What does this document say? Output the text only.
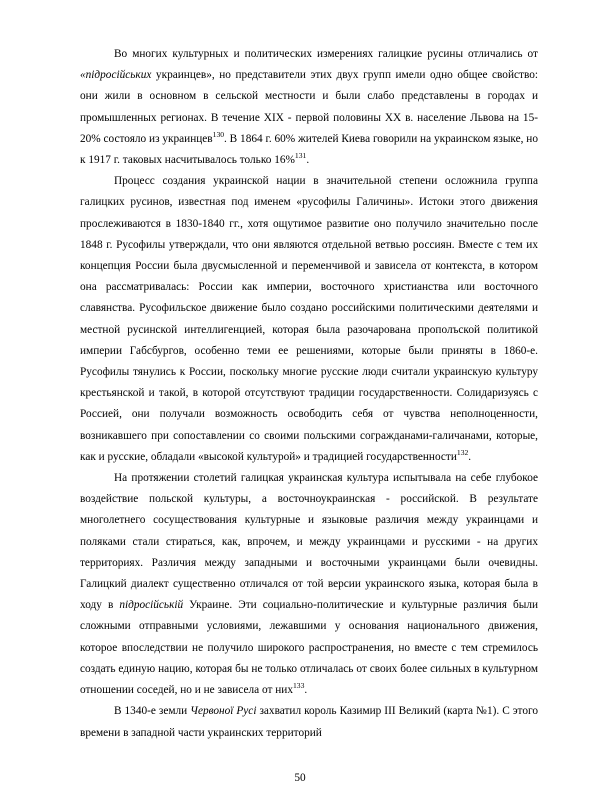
Во многих культурных и политических измерениях галицкие русины отличались от «підросійських украинцев», но представители этих двух групп имели одно общее свойство: они жили в основном в сельской местности и были слабо представлены в городах и промышленных регионах. В течение XIX - первой половины XX в. население Львова на 15-20% состояло из украинцев$^{130}$. В 1864 г. 60% жителей Киева говорили на украинском языке, но к 1917 г. таковых насчитывалось только 16%$^{131}$.

Процесс создания украинской нации в значительной степени осложнила группа галицких русинов, известная под именем «русофилы Галичины». Истоки этого движения прослеживаются в 1830-1840 гг., хотя ощутимое развитие оно получило значительно после 1848 г. Русофилы утверждали, что они являются отдельной ветвью россиян. Вместе с тем их концепция России была двусмысленной и переменчивой и зависела от контекста, в котором она рассматривалась: России как империи, восточного христианства или восточного славянства. Русофильское движение было создано российскими политическими деятелями и местной русинской интеллигенцией, которая была разочарована прополъской политикой империи Габсбургов, особенно теми ее решениями, которые были приняты в 1860-е. Русофилы тянулись к России, поскольку многие русские люди считали украинскую культуру крестьянской и такой, в которой отсутствуют традиции государственности. Солидаризуясь с Россией, они получали возможность освободить себя от чувства неполноценности, возникавшего при сопоставлении со своими польскими согражданами-галичанами, которые, как и русские, обладали «высокой культурой» и традицией государственности$^{132}$.

На протяжении столетий галицкая украинская культура испытывала на себе глубокое воздействие польской культуры, а восточноукраинская - российской. В результате многолетнего сосуществования культурные и языковые различия между украинцами и поляками стали стираться, как, впрочем, и между украинцами и русскими - на других территориях. Различия между западными и восточными украинцами были очевидны. Галицкий диалект существенно отличался от той версии украинского языка, которая была в ходу в підросійській Украине. Эти социально-политические и культурные различия были сложными отправными условиями, лежавшими у основания национального движения, которое впоследствии не получило широкого распространения, но вместе с тем стремилось создать единую нацию, которая бы не только отличалась от своих более сильных в культурном отношении соседей, но и не зависела от них$^{133}$.

В 1340-е земли Червоної Русі захватил король Казимир III Великий (карта №1). С этого времени в западной части украинских территорий

50
